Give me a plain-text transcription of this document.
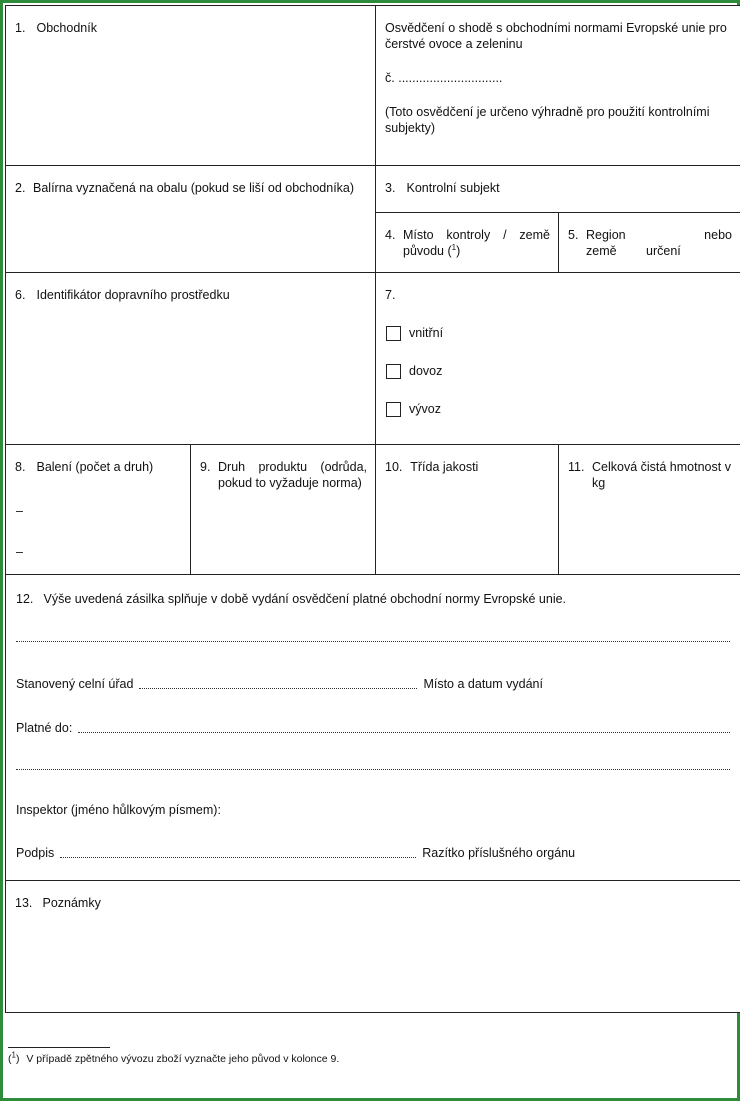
1. Obchodník	Osvědčení o shodě s obchodními normami Evropské unie pro čerstvé ovoce a zeleninu
č. ..............................
(Toto osvědčení je určeno výhradně pro použití kontrolními subjekty)
2. Balírna vyznačená na obalu (pokud se liší od obchodníka)	3. Kontrolní subjekt
4. Místo kontroly / země původu ($^1$)
5. Region nebo země určení
6. Identifikátor dopravního prostředku	7.
vnitřní
dovoz
vývoz
8. Balení (počet a druh)
–
–
9. Druh produktu (odrůda, pokud to vyžaduje norma)
10. Třída jakosti	11. Celková čistá hmotnost v kg
12. Výše uvedená zásilka splňuje v době vydání osvědčení platné obchodní normy Evropské unie.
Stanovený celní úřad	Místo a datum vydání
Platné do:
Inspektor (jméno hůlkovým písmem):
Podpis	Razítko příslušného orgánu
13. Poznámky
($^1$) V případě zpětného vývozu zboží vyznačte jeho původ v kolonce 9.
